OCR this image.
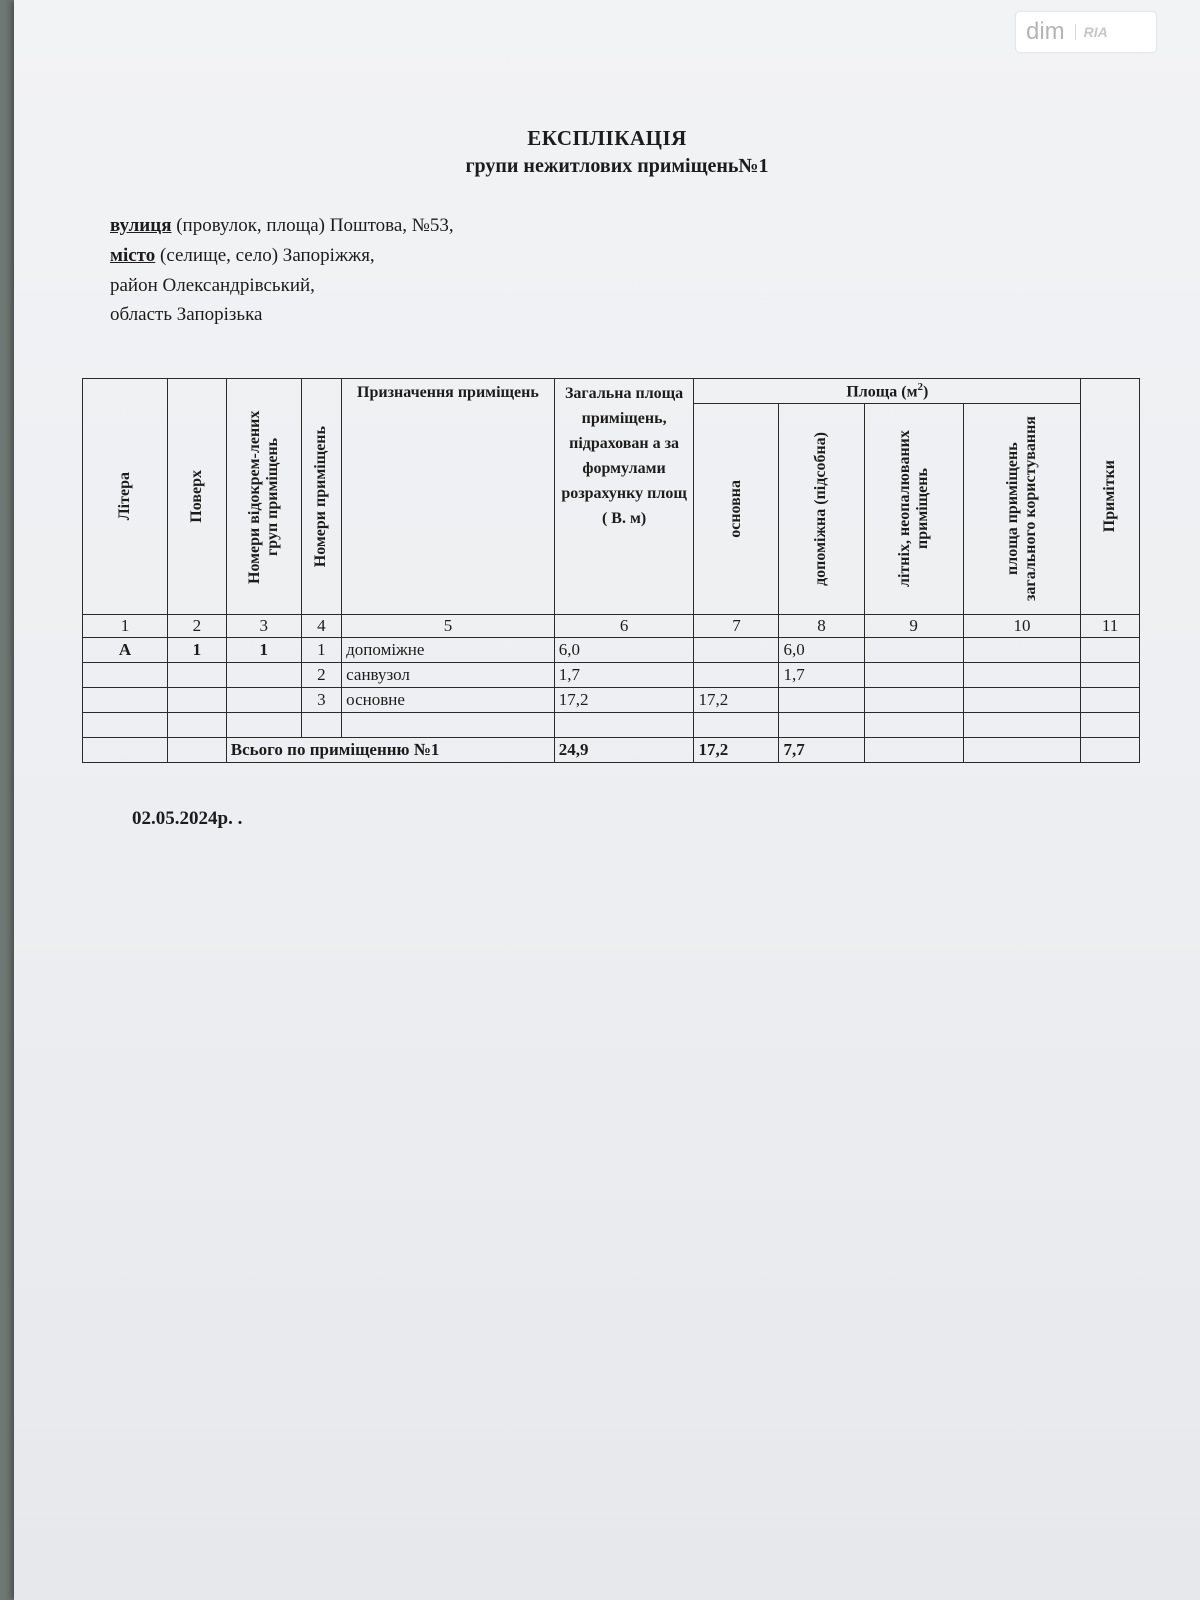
dim	RIA
ЕКСПЛІКАЦІЯ
групи нежитлових приміщень№1
вулиця (провулок, площа) Поштова, №53,
місто (селище, село) Запоріжжя,
район Олександрівський,
область Запорізька
Літера	Поверх	Номери відокрем-лених груп приміщень	Номери приміщень	Призначення приміщень	Загальна площа приміщень, підрахован а за формулами розрахунку площ ( В. м)	Площа $(м^2)$				Примітки

						основна	допоміжна (підсобна)	літніх, неопалюваних приміщень	площа приміщень загального користування	

1	2	3	4	5	6	7	8	9	10	11
А	1	1	1	допоміжне	6,0		6,0			
			2	санвузол	1,7		1,7			
			3	основне	17,2	17,2				

		Всього по приміщенню №1			24,9	17,2	7,7			
02.05.2024р. .
